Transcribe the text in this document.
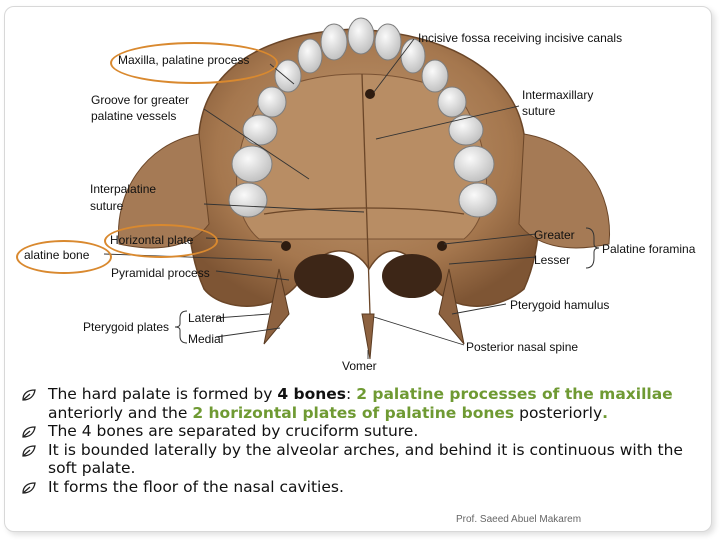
Incisive fossa receiving incisive canals
Maxilla, palatine process
Groove for greater
palatine vessels
Intermaxillary
suture
Interpalatine
suture
Horizontal plate
alatine bone
Pyramidal process
Greater
Lesser
Palatine foramina
Pterygoid hamulus
Lateral
Medial
Pterygoid plates
Vomer
Posterior nasal spine
The hard palate is formed by 4 bones: 2 palatine processes of the maxillae anteriorly and the 2 horizontal plates of palatine bones posteriorly.
The 4 bones are separated by cruciform suture.
It is bounded laterally by the alveolar arches, and behind it is continuous with the soft palate.
It forms the floor of the nasal cavities.
Prof. Saeed Abuel Makarem
